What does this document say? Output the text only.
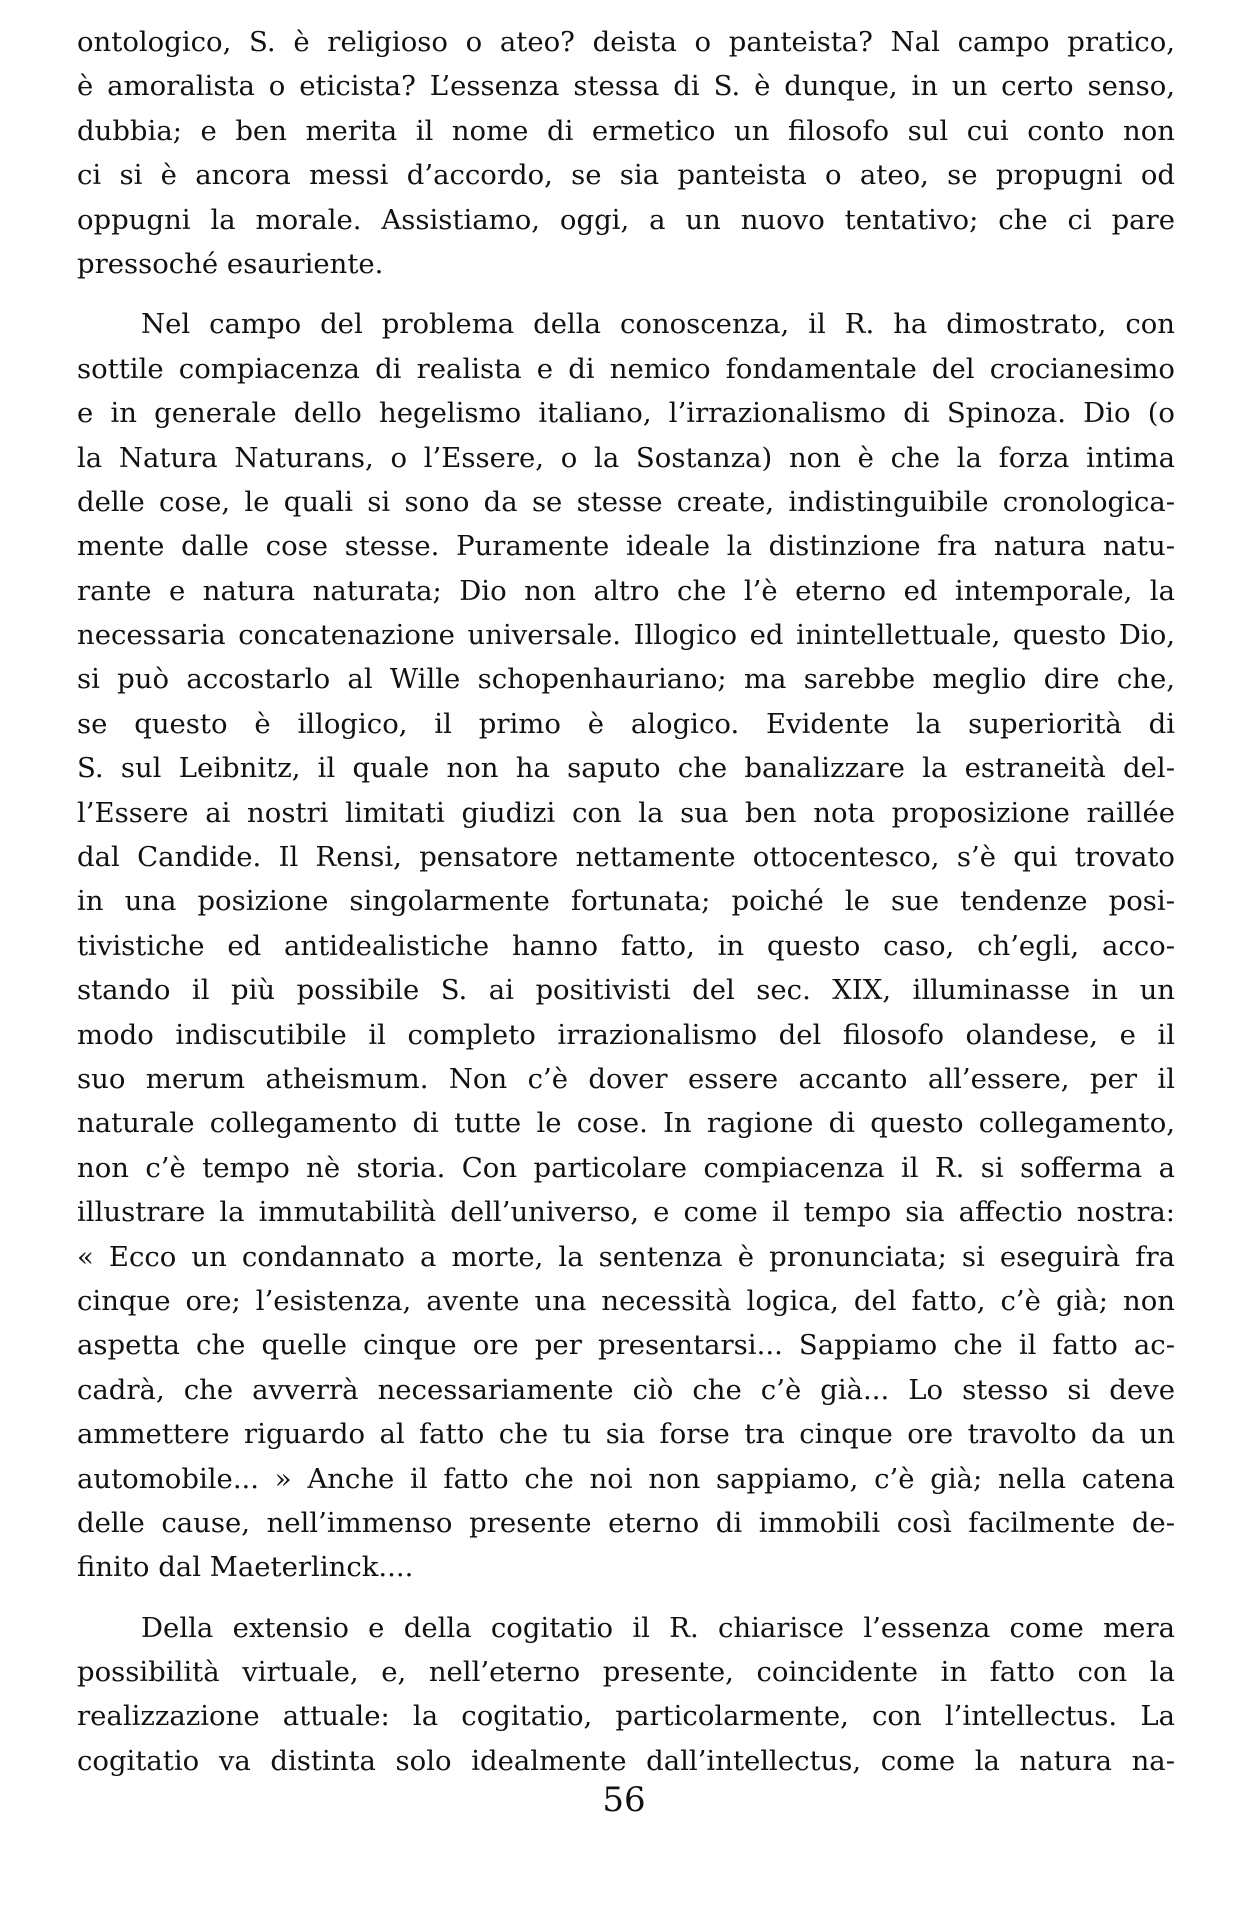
ontologico, S. è religioso o ateo? deista o panteista? Nal campo pratico,
è amoralista o eticista? L’essenza stessa di S. è dunque, in un certo senso,
dubbia; e ben merita il nome di ermetico un filosofo sul cui conto non
ci si è ancora messi d’accordo, se sia panteista o ateo, se propugni od
oppugni la morale. Assistiamo, oggi, a un nuovo tentativo; che ci pare
pressoché esauriente.
Nel campo del problema della conoscenza, il R. ha dimostrato, con
sottile compiacenza di realista e di nemico fondamentale del crocianesimo
e in generale dello hegelismo italiano, l’irrazionalismo di Spinoza. Dio (o
la Natura Naturans, o l’Essere, o la Sostanza) non è che la forza intima
delle cose, le quali si sono da se stesse create, indistinguibile cronologica-
mente dalle cose stesse. Puramente ideale la distinzione fra natura natu-
rante e natura naturata; Dio non altro che l’è eterno ed intemporale, la
necessaria concatenazione universale. Illogico ed inintellettuale, questo Dio,
si può accostarlo al Wille schopenhauriano; ma sarebbe meglio dire che,
se questo è illogico, il primo è alogico. Evidente la superiorità di
S. sul Leibnitz, il quale non ha saputo che banalizzare la estraneità del-
l’Essere ai nostri limitati giudizi con la sua ben nota proposizione raillée
dal Candide. Il Rensi, pensatore nettamente ottocentesco, s’è qui trovato
in una posizione singolarmente fortunata; poiché le sue tendenze posi-
tivistiche ed antidealistiche hanno fatto, in questo caso, ch’egli, acco-
stando il più possibile S. ai positivisti del sec. XIX, illuminasse in un
modo indiscutibile il completo irrazionalismo del filosofo olandese, e il
suo merum atheismum. Non c’è dover essere accanto all’essere, per il
naturale collegamento di tutte le cose. In ragione di questo collegamento,
non c’è tempo nè storia. Con particolare compiacenza il R. si sofferma a
illustrare la immutabilità dell’universo, e come il tempo sia affectio nostra:
« Ecco un condannato a morte, la sentenza è pronunciata; si eseguirà fra
cinque ore; l’esistenza, avente una necessità logica, del fatto, c’è già; non
aspetta che quelle cinque ore per presentarsi... Sappiamo che il fatto ac-
cadrà, che avverrà necessariamente ciò che c’è già... Lo stesso si deve
ammettere riguardo al fatto che tu sia forse tra cinque ore travolto da un
automobile... » Anche il fatto che noi non sappiamo, c’è già; nella catena
delle cause, nell’immenso presente eterno di immobili così facilmente de-
finito dal Maeterlinck....
Della extensio e della cogitatio il R. chiarisce l’essenza come mera
possibilità virtuale, e, nell’eterno presente, coincidente in fatto con la
realizzazione attuale: la cogitatio, particolarmente, con l’intellectus. La
cogitatio va distinta solo idealmente dall’intellectus, come la natura na-
56
